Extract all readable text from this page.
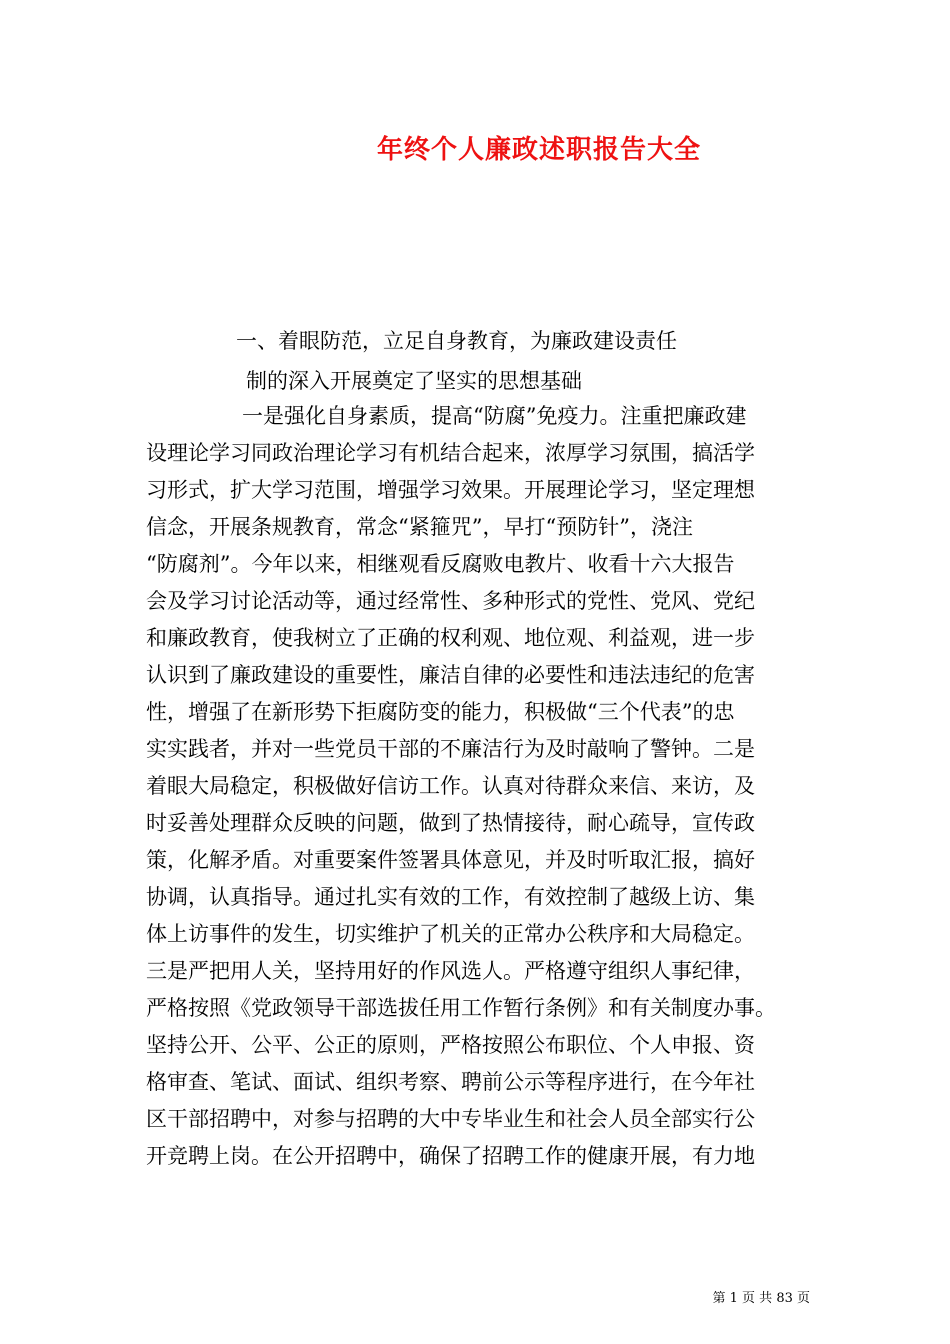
年终个人廉政述职报告大全
一、着眼防范，立足自身教育，为廉政建设责任
制的深入开展奠定了坚实的思想基础
一是强化自身素质，提高“防腐”免疫力。注重把廉政建
设理论学习同政治理论学习有机结合起来，浓厚学习氛围，搞活学
习形式，扩大学习范围，增强学习效果。开展理论学习，坚定理想
信念，开展条规教育，常念“紧箍咒”，早打“预防针”，浇注
“防腐剂”。今年以来，相继观看反腐败电教片、收看十六大报告
会及学习讨论活动等，通过经常性、多种形式的党性、党风、党纪
和廉政教育，使我树立了正确的权利观、地位观、利益观，进一步
认识到了廉政建设的重要性，廉洁自律的必要性和违法违纪的危害
性，增强了在新形势下拒腐防变的能力，积极做“三个代表”的忠
实实践者，并对一些党员干部的不廉洁行为及时敲响了警钟。二是
着眼大局稳定，积极做好信访工作。认真对待群众来信、来访，及
时妥善处理群众反映的问题，做到了热情接待，耐心疏导，宣传政
策，化解矛盾。对重要案件签署具体意见，并及时听取汇报，搞好
协调，认真指导。通过扎实有效的工作，有效控制了越级上访、集
体上访事件的发生，切实维护了机关的正常办公秩序和大局稳定。
三是严把用人关，坚持用好的作风选人。严格遵守组织人事纪律，
严格按照《党政领导干部选拔任用工作暂行条例》和有关制度办事。
坚持公开、公平、公正的原则，严格按照公布职位、个人申报、资
格审查、笔试、面试、组织考察、聘前公示等程序进行，在今年社
区干部招聘中，对参与招聘的大中专毕业生和社会人员全部实行公
开竞聘上岗。在公开招聘中，确保了招聘工作的健康开展，有力地
第 1 页 共 83 页
